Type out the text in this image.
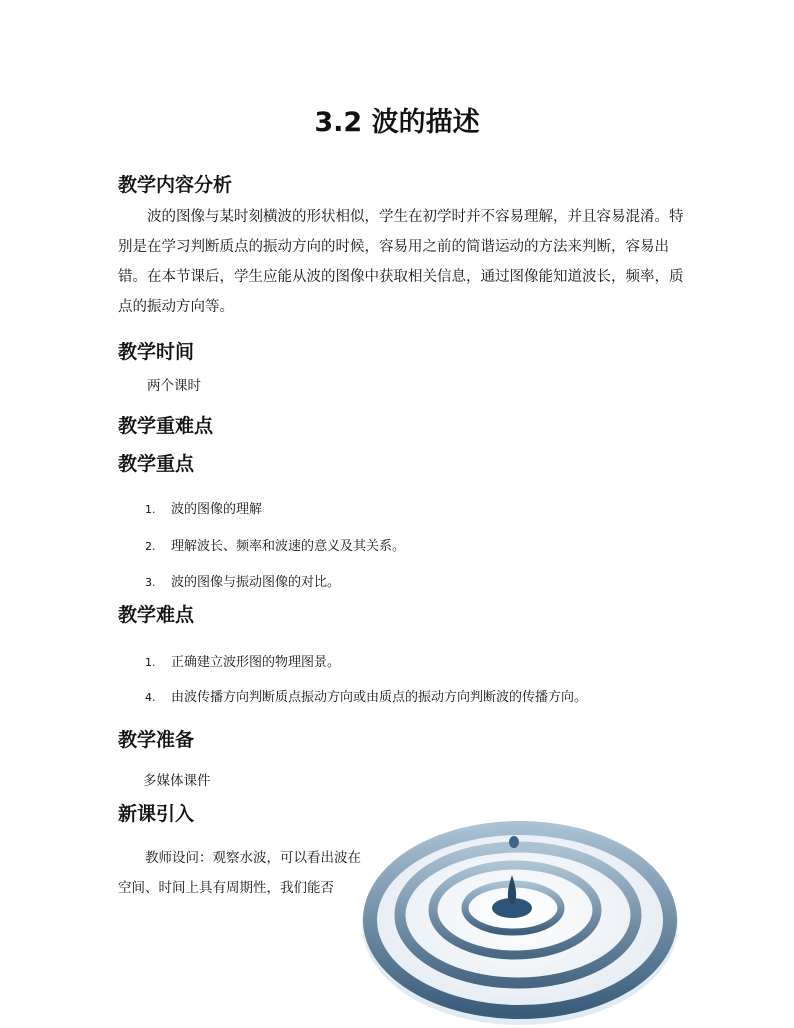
3.2 波的描述
教学内容分析
波的图像与某时刻横波的形状相似，学生在初学时并不容易理解，并且容易混淆。特别是在学习判断质点的振动方向的时候，容易用之前的简谐运动的方法来判断，容易出错。在本节课后，学生应能从波的图像中获取相关信息，通过图像能知道波长，频率，质点的振动方向等。
教学时间
两个课时
教学重难点
教学重点
1. 波的图像的理解
2. 理解波长、频率和波速的意义及其关系。
3. 波的图像与振动图像的对比。
教学难点
1. 正确建立波形图的物理图景。
4. 由波传播方向判断质点振动方向或由质点的振动方向判断波的传播方向。
教学准备
多媒体课件
新课引入
教师设问：观察水波，可以看出波在空间、时间上具有周期性，我们能否
